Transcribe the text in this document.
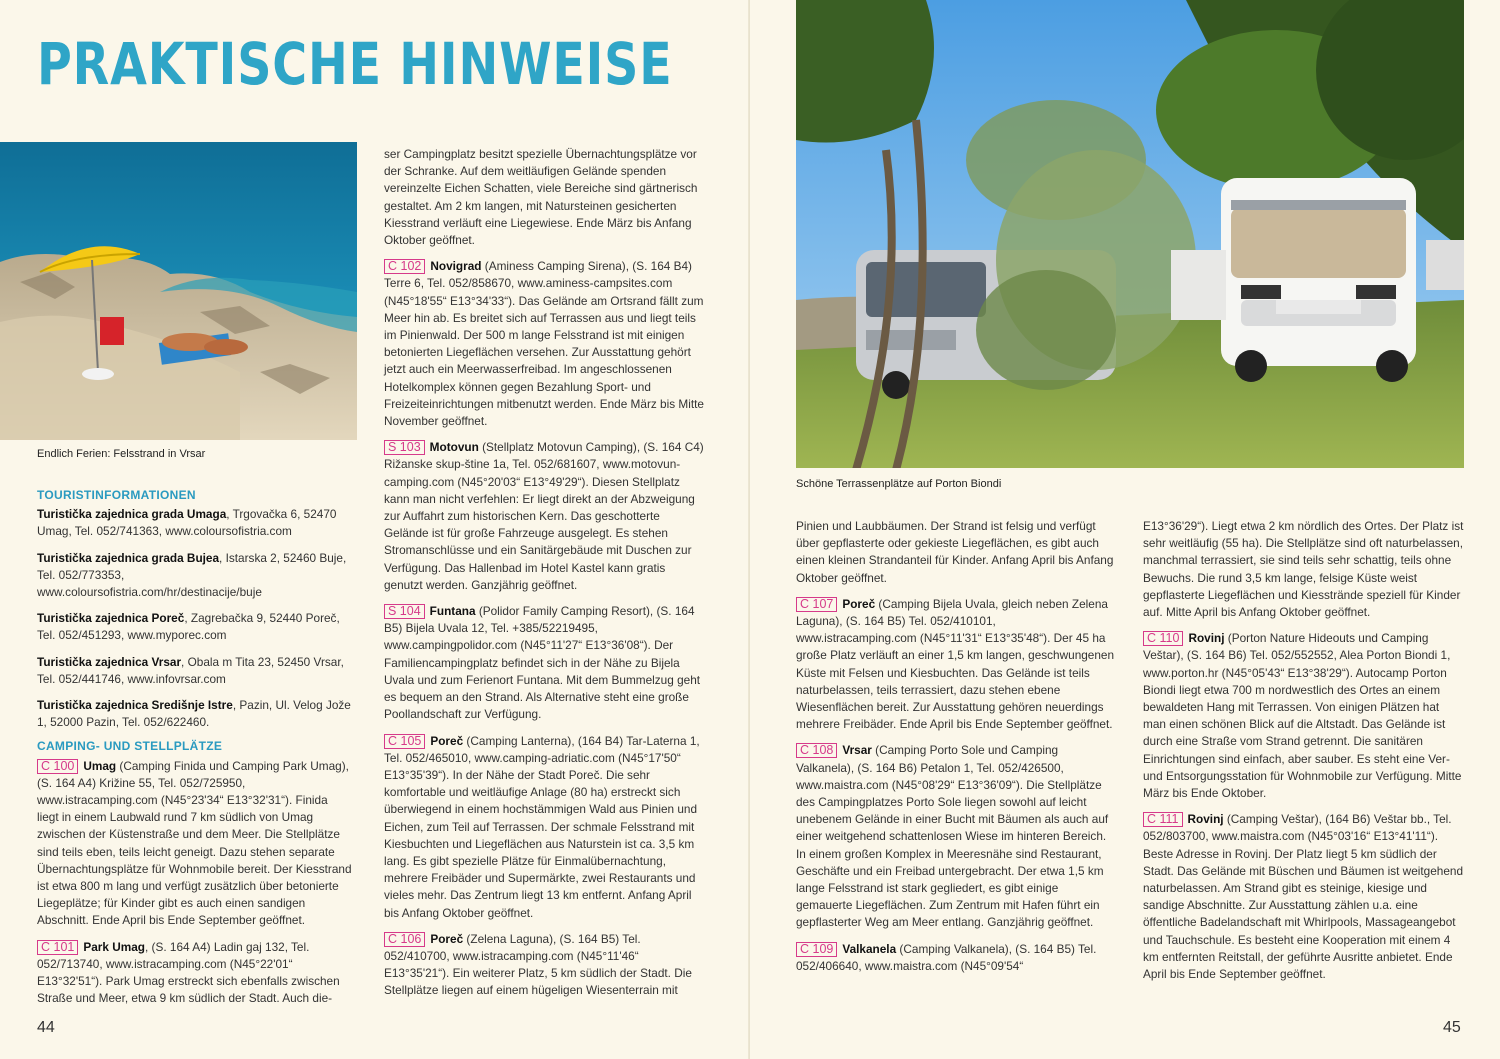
PRAKTISCHE HINWEISE
Endlich Ferien: Felsstrand in Vrsar
TOURISTINFORMATIONEN

Turistička zajednica grada Umaga, Trgovačka 6, 52470 Umag, Tel. 052/741363, www.coloursofistria.com

Turistička zajednica grada Bujea, Istarska 2, 52460 Buje, Tel. 052/773353, www.coloursofistria.com/hr/destinacije/buje

Turistička zajednica Poreč, Zagrebačka 9, 52440 Poreč, Tel. 052/451293, www.myporec.com

Turistička zajednica Vrsar, Obala m Tita 23, 52450 Vrsar, Tel. 052/441746, www.infovrsar.com

Turistička zajednica Središnje Istre, Pazin, Ul. Velog Jože 1, 52000 Pazin, Tel. 052/622460.

CAMPING- UND STELLPLÄTZE

C 100 Umag (Camping Finida und Camping Park Umag), (S. 164 A4) Križine 55, Tel. 052/725950, www.istracamping.com (N45°23'34“ E13°32'31“). Finida liegt in einem Laubwald rund 7 km südlich von Umag zwischen der Küstenstraße und dem Meer. Die Stellplätze sind teils eben, teils leicht geneigt. Dazu stehen separate Übernachtungsplätze für Wohnmobile bereit. Der Kiesstrand ist etwa 800 m lang und verfügt zusätzlich über betonierte Liegeplätze; für Kinder gibt es auch einen sandigen Abschnitt. Ende April bis Ende September geöffnet.

C 101 Park Umag, (S. 164 A4) Ladin gaj 132, Tel. 052/713740, www.istracamping.com (N45°22'01“ E13°32'51“). Park Umag erstreckt sich ebenfalls zwischen Straße und Meer, etwa 9 km südlich der Stadt. Auch die-

ser Campingplatz besitzt spezielle Übernachtungsplätze vor der Schranke. Auf dem weitläufigen Gelände spenden vereinzelte Eichen Schatten, viele Bereiche sind gärtnerisch gestaltet. Am 2 km langen, mit Natursteinen gesicherten Kiesstrand verläuft eine Liegewiese. Ende März bis Anfang Oktober geöffnet.

C 102 Novigrad (Aminess Camping Sirena), (S. 164 B4) Terre 6, Tel. 052/858670, www.aminess-campsites.com (N45°18'55“ E13°34'33“). Das Gelände am Ortsrand fällt zum Meer hin ab. Es breitet sich auf Terrassen aus und liegt teils im Pinienwald. Der 500 m lange Felsstrand ist mit einigen betonierten Liegeflächen versehen. Zur Ausstattung gehört jetzt auch ein Meerwasserfreibad. Im angeschlossenen Hotelkomplex können gegen Bezahlung Sport- und Freizeiteinrichtungen mitbenutzt werden. Ende März bis Mitte November geöffnet.

S 103 Motovun (Stellplatz Motovun Camping), (S. 164 C4) Rižanske skup-štine 1a, Tel. 052/681607, www.motovun-camping.com (N45°20'03“ E13°49'29“). Diesen Stellplatz kann man nicht verfehlen: Er liegt direkt an der Abzweigung zur Auffahrt zum historischen Kern. Das geschotterte Gelände ist für große Fahrzeuge ausgelegt. Es stehen Stromanschlüsse und ein Sanitärgebäude mit Duschen zur Verfügung. Das Hallenbad im Hotel Kastel kann gratis genutzt werden. Ganzjährig geöffnet.

S 104 Funtana (Polidor Family Camping Resort), (S. 164 B5) Bijela Uvala 12, Tel. +385/52219495, www.campingpolidor.com (N45°11'27“ E13°36'08“). Der Familiencampingplatz befindet sich in der Nähe zu Bijela Uvala und zum Ferienort Funtana. Mit dem Bummelzug geht es bequem an den Strand. Als Alternative steht eine große Poollandschaft zur Verfügung.

C 105 Poreč (Camping Lanterna), (164 B4) Tar-Laterna 1, Tel. 052/465010, www.camping-adriatic.com (N45°17'50“ E13°35'39“). In der Nähe der Stadt Poreč. Die sehr komfortable und weitläufige Anlage (80 ha) erstreckt sich überwiegend in einem hochstämmigen Wald aus Pinien und Eichen, zum Teil auf Terrassen. Der schmale Felsstrand mit Kiesbuchten und Liegeflächen aus Naturstein ist ca. 3,5 km lang. Es gibt spezielle Plätze für Einmalübernachtung, mehrere Freibäder und Supermärkte, zwei Restaurants und vieles mehr. Das Zentrum liegt 13 km entfernt. Anfang April bis Anfang Oktober geöffnet.

C 106 Poreč (Zelena Laguna), (S. 164 B5) Tel. 052/410700, www.istracamping.com (N45°11'46“ E13°35'21“). Ein weiterer Platz, 5 km südlich der Stadt. Die Stellplätze liegen auf einem hügeligen Wiesenterrain mit

44
Schöne Terrassenplätze auf Porton Biondi

Pinien und Laubbäumen. Der Strand ist felsig und verfügt über gepflasterte oder gekieste Liegeflächen, es gibt auch einen kleinen Strandanteil für Kinder. Anfang April bis Anfang Oktober geöffnet.

C 107 Poreč (Camping Bijela Uvala, gleich neben Zelena Laguna), (S. 164 B5) Tel. 052/410101, www.istracamping.com (N45°11'31“ E13°35'48“). Der 45 ha große Platz verläuft an einer 1,5 km langen, geschwungenen Küste mit Felsen und Kiesbuchten. Das Gelände ist teils naturbelassen, teils terrassiert, dazu stehen ebene Wiesenflächen bereit. Zur Ausstattung gehören neuerdings mehrere Freibäder. Ende April bis Ende September geöffnet.

C 108 Vrsar (Camping Porto Sole und Camping Valkanela), (S. 164 B6) Petalon 1, Tel. 052/426500, www.maistra.com (N45°08'29“ E13°36'09“). Die Stellplätze des Campingplatzes Porto Sole liegen sowohl auf leicht unebenem Gelände in einer Bucht mit Bäumen als auch auf einer weitgehend schattenlosen Wiese im hinteren Bereich. In einem großen Komplex in Meeresnähe sind Restaurant, Geschäfte und ein Freibad untergebracht. Der etwa 1,5 km lange Felsstrand ist stark gegliedert, es gibt einige gemauerte Liegeflächen. Zum Zentrum mit Hafen führt ein gepflasterter Weg am Meer entlang. Ganzjährig geöffnet.

C 109 Valkanela (Camping Valkanela), (S. 164 B5) Tel. 052/406640, www.maistra.com (N45°09'54“

E13°36'29“). Liegt etwa 2 km nördlich des Ortes. Der Platz ist sehr weitläufig (55 ha). Die Stellplätze sind oft naturbelassen, manchmal terrassiert, sie sind teils sehr schattig, teils ohne Bewuchs. Die rund 3,5 km lange, felsige Küste weist gepflasterte Liegeflächen und Kiesstrände speziell für Kinder auf. Mitte April bis Anfang Oktober geöffnet.

C 110 Rovinj (Porton Nature Hideouts und Camping Veštar), (S. 164 B6) Tel. 052/552552, Alea Porton Biondi 1, www.porton.hr (N45°05'43“ E13°38'29“). Autocamp Porton Biondi liegt etwa 700 m nordwestlich des Ortes an einem bewaldeten Hang mit Terrassen. Von einigen Plätzen hat man einen schönen Blick auf die Altstadt. Das Gelände ist durch eine Straße vom Strand getrennt. Die sanitären Einrichtungen sind einfach, aber sauber. Es steht eine Ver- und Entsorgungsstation für Wohnmobile zur Verfügung. Mitte März bis Ende Oktober.

C 111 Rovinj (Camping Veštar), (164 B6) Veštar bb., Tel. 052/803700, www.maistra.com (N45°03'16“ E13°41'11“). Beste Adresse in Rovinj. Der Platz liegt 5 km südlich der Stadt. Das Gelände mit Büschen und Bäumen ist weitgehend naturbelassen. Am Strand gibt es steinige, kiesige und sandige Abschnitte. Zur Ausstattung zählen u.a. eine öffentliche Badelandschaft mit Whirlpools, Massageangebot und Tauchschule. Es besteht eine Kooperation mit einem 4 km entfernten Reitstall, der geführte Ausritte anbietet. Ende April bis Ende September geöffnet.

45
